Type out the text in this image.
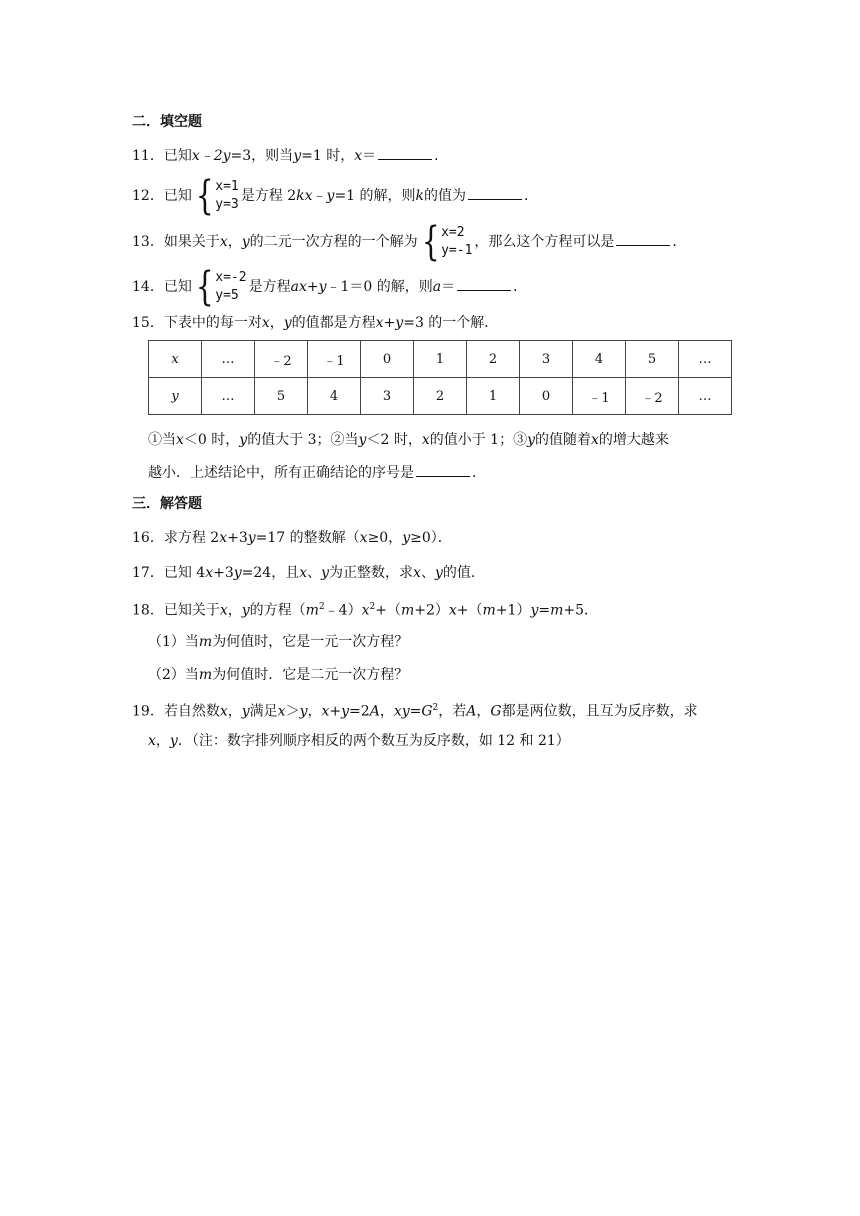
二．填空题
11．已知x﹣2y=3，则当y=1 时，x＝	．
12．已知 { x=1
y=3
是方程 2kx﹣y=1 的解，则k的值为	．
13．如果关于x，y的二元一次方程的一个解为 { x=2
y=-1
，那么这个方程可以是	．
14．已知 { x=-2
y=5
是方程ax+y﹣1＝0 的解，则a＝	．
15．下表中的每一对x，y的值都是方程x+y=3 的一个解．
x	…	﹣2	﹣1	0	1	2	3	4	5	…
y	…	5	4	3	2	1	0	﹣1	﹣2	…
①当x＜0 时，y的值大于 3；②当y＜2 时，x的值小于 1；③y的值随着x的增大越来
越小．上述结论中，所有正确结论的序号是	．
三．解答题
16．求方程 2x+3y=17 的整数解（x≥0，y≥0）．
17．已知 4x+3y=24，且x、y为正整数，求x、y的值．
18．已知关于x，y的方程$(m^2﹣4)x^2+(m+2)x+(m+1)y=m+5$．
（1）当m为何值时，它是一元一次方程？
（2）当m为何值时．它是二元一次方程？
19．若自然数x，y满足x＞y，x+y=2A，$xy=G^2$，若A，G都是两位数，且互为反序数，求
x，y．（注：数字排列顺序相反的两个数互为反序数，如 12 和 21）
